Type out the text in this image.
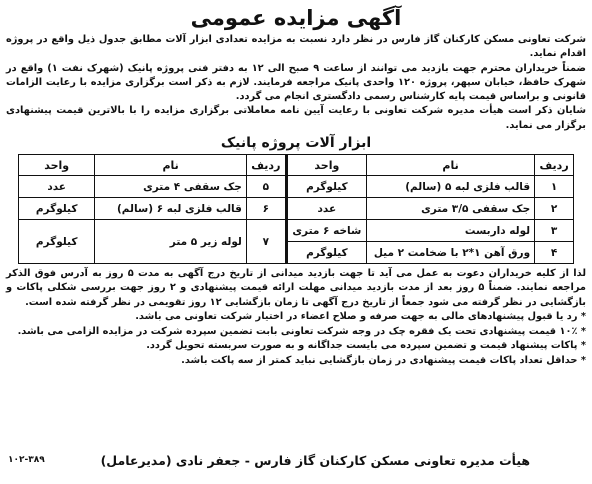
آگهی مزایده عمومی

شرکت تعاونی مسکن کارکنان گاز فارس در نظر دارد نسبت به مزایده تعدادی ابزار آلات مطابق جدول ذیل واقع در پروژه اقدام نماید.

ضمناً خریداران محترم جهت بازدید می توانند از ساعت ۹ صبح الی ۱۲ به دفتر فنی پروژه پانیک (شهرک نفت ۱) واقع در شهرک حافظ، خیابان سپهر، پروژه ۱۲۰ واحدی پانیک مراجعه فرمایند. لازم به ذکر است برگزاری مزایده با رعایت الزامات قانونی و براساس قیمت پایه کارشناس رسمی دادگستری انجام می گردد.

شایان ذکر است هیأت مدیره شرکت تعاونی با رعایت آیین نامه معاملاتی برگزاری مزایده را با بالاترین قیمت پیشنهادی برگزار می نماید.

ابزار آلات پروژه پانیک
ردیف	نام	واحد	ردیف	نام	واحد
۱	قالب فلزی لبه ۵ (سالم)	کیلوگرم	۵	جک سقفی ۴ متری	عدد
۲	جک سقفی ۳/۵ متری	عدد	۶	قالب فلزی لبه ۶ (سالم)	کیلوگرم
۳	لوله داربست	شاخه ۶ متری	۷	لوله زیر ۵ متر	کیلوگرم
۴	ورق آهن ۱*۲ با ضخامت ۲ میل	کیلوگرم			

لذا از کلیه خریداران دعوت به عمل می آید تا جهت بازدید میدانی از تاریخ درج آگهی به مدت ۵ روز به آدرس فوق الذکر مراجعه نمایند. ضمناً ۵ روز بعد از مدت بازدید میدانی مهلت ارائه قیمت پیشنهادی و ۲ روز جهت بررسی شکلی پاکات و بازگشایی در نظر گرفته می شود جمعاً از تاریخ درج آگهی تا زمان بازگشایی ۱۲ روز تقویمی در نظر گرفته شده است.

* رد یا قبول پیشنهادهای مالی به جهت صرفه و صلاح اعضاء در اختیار شرکت تعاونی می باشد.

* ۱۰٪ قیمت پیشنهادی تحت یک فقره چک در وجه شرکت تعاونی بابت تضمین سپرده شرکت در مزایده الزامی می باشد.

* پاکات پیشنهاد قیمت و تضمین سپرده می بایست جداگانه و به صورت سربسته تحویل گردد.

* حداقل تعداد پاکات قیمت پیشنهادی در زمان بازگشایی نباید کمتر از سه پاکت باشد.

هیأت مدیره تعاونی مسکن کارکنان گاز فارس - جعفر نادی (مدیرعامل)
۱۰۲-۳۸۹
